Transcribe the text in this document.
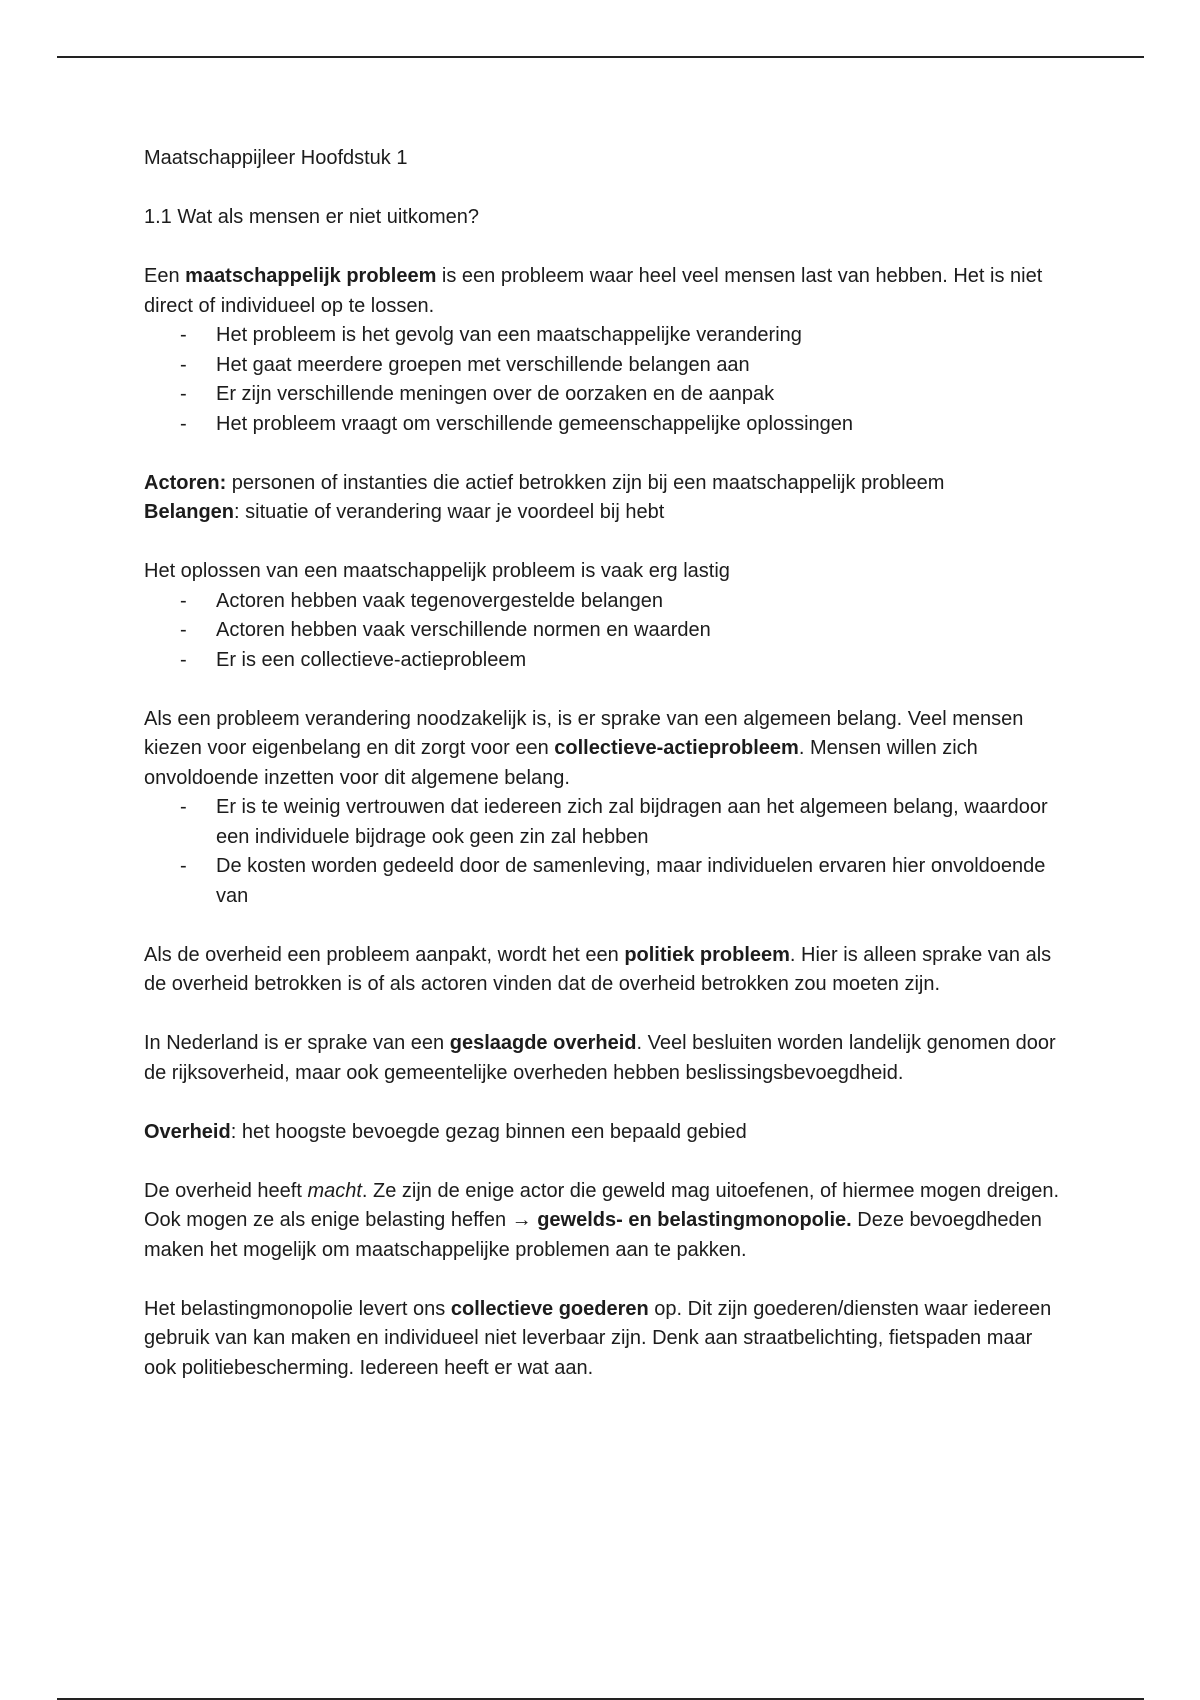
Maatschappijleer Hoofdstuk 1

1.1 Wat als mensen er niet uitkomen?

Een maatschappelijk probleem is een probleem waar heel veel mensen last van hebben. Het is niet direct of individueel op te lossen.

- Het probleem is het gevolg van een maatschappelijke verandering
- Het gaat meerdere groepen met verschillende belangen aan
- Er zijn verschillende meningen over de oorzaken en de aanpak
- Het probleem vraagt om verschillende gemeenschappelijke oplossingen

Actoren: personen of instanties die actief betrokken zijn bij een maatschappelijk probleem

Belangen: situatie of verandering waar je voordeel bij hebt

Het oplossen van een maatschappelijk probleem is vaak erg lastig

- Actoren hebben vaak tegenovergestelde belangen
- Actoren hebben vaak verschillende normen en waarden
- Er is een collectieve-actieprobleem

Als een probleem verandering noodzakelijk is, is er sprake van een algemeen belang. Veel mensen kiezen voor eigenbelang en dit zorgt voor een collectieve-actieprobleem. Mensen willen zich onvoldoende inzetten voor dit algemene belang.

- Er is te weinig vertrouwen dat iedereen zich zal bijdragen aan het algemeen belang, waardoor een individuele bijdrage ook geen zin zal hebben
- De kosten worden gedeeld door de samenleving, maar individuelen ervaren hier onvoldoende van

Als de overheid een probleem aanpakt, wordt het een politiek probleem. Hier is alleen sprake van als de overheid betrokken is of als actoren vinden dat de overheid betrokken zou moeten zijn.

In Nederland is er sprake van een geslaagde overheid. Veel besluiten worden landelijk genomen door de rijksoverheid, maar ook gemeentelijke overheden hebben beslissingsbevoegdheid.

Overheid: het hoogste bevoegde gezag binnen een bepaald gebied

De overheid heeft macht. Ze zijn de enige actor die geweld mag uitoefenen, of hiermee mogen dreigen. Ook mogen ze als enige belasting heffen → gewelds- en belastingmonopolie. Deze bevoegdheden maken het mogelijk om maatschappelijke problemen aan te pakken.

Het belastingmonopolie levert ons collectieve goederen op. Dit zijn goederen/diensten waar iedereen gebruik van kan maken en individueel niet leverbaar zijn. Denk aan straatbelichting, fietspaden maar ook politiebescherming. Iedereen heeft er wat aan.
